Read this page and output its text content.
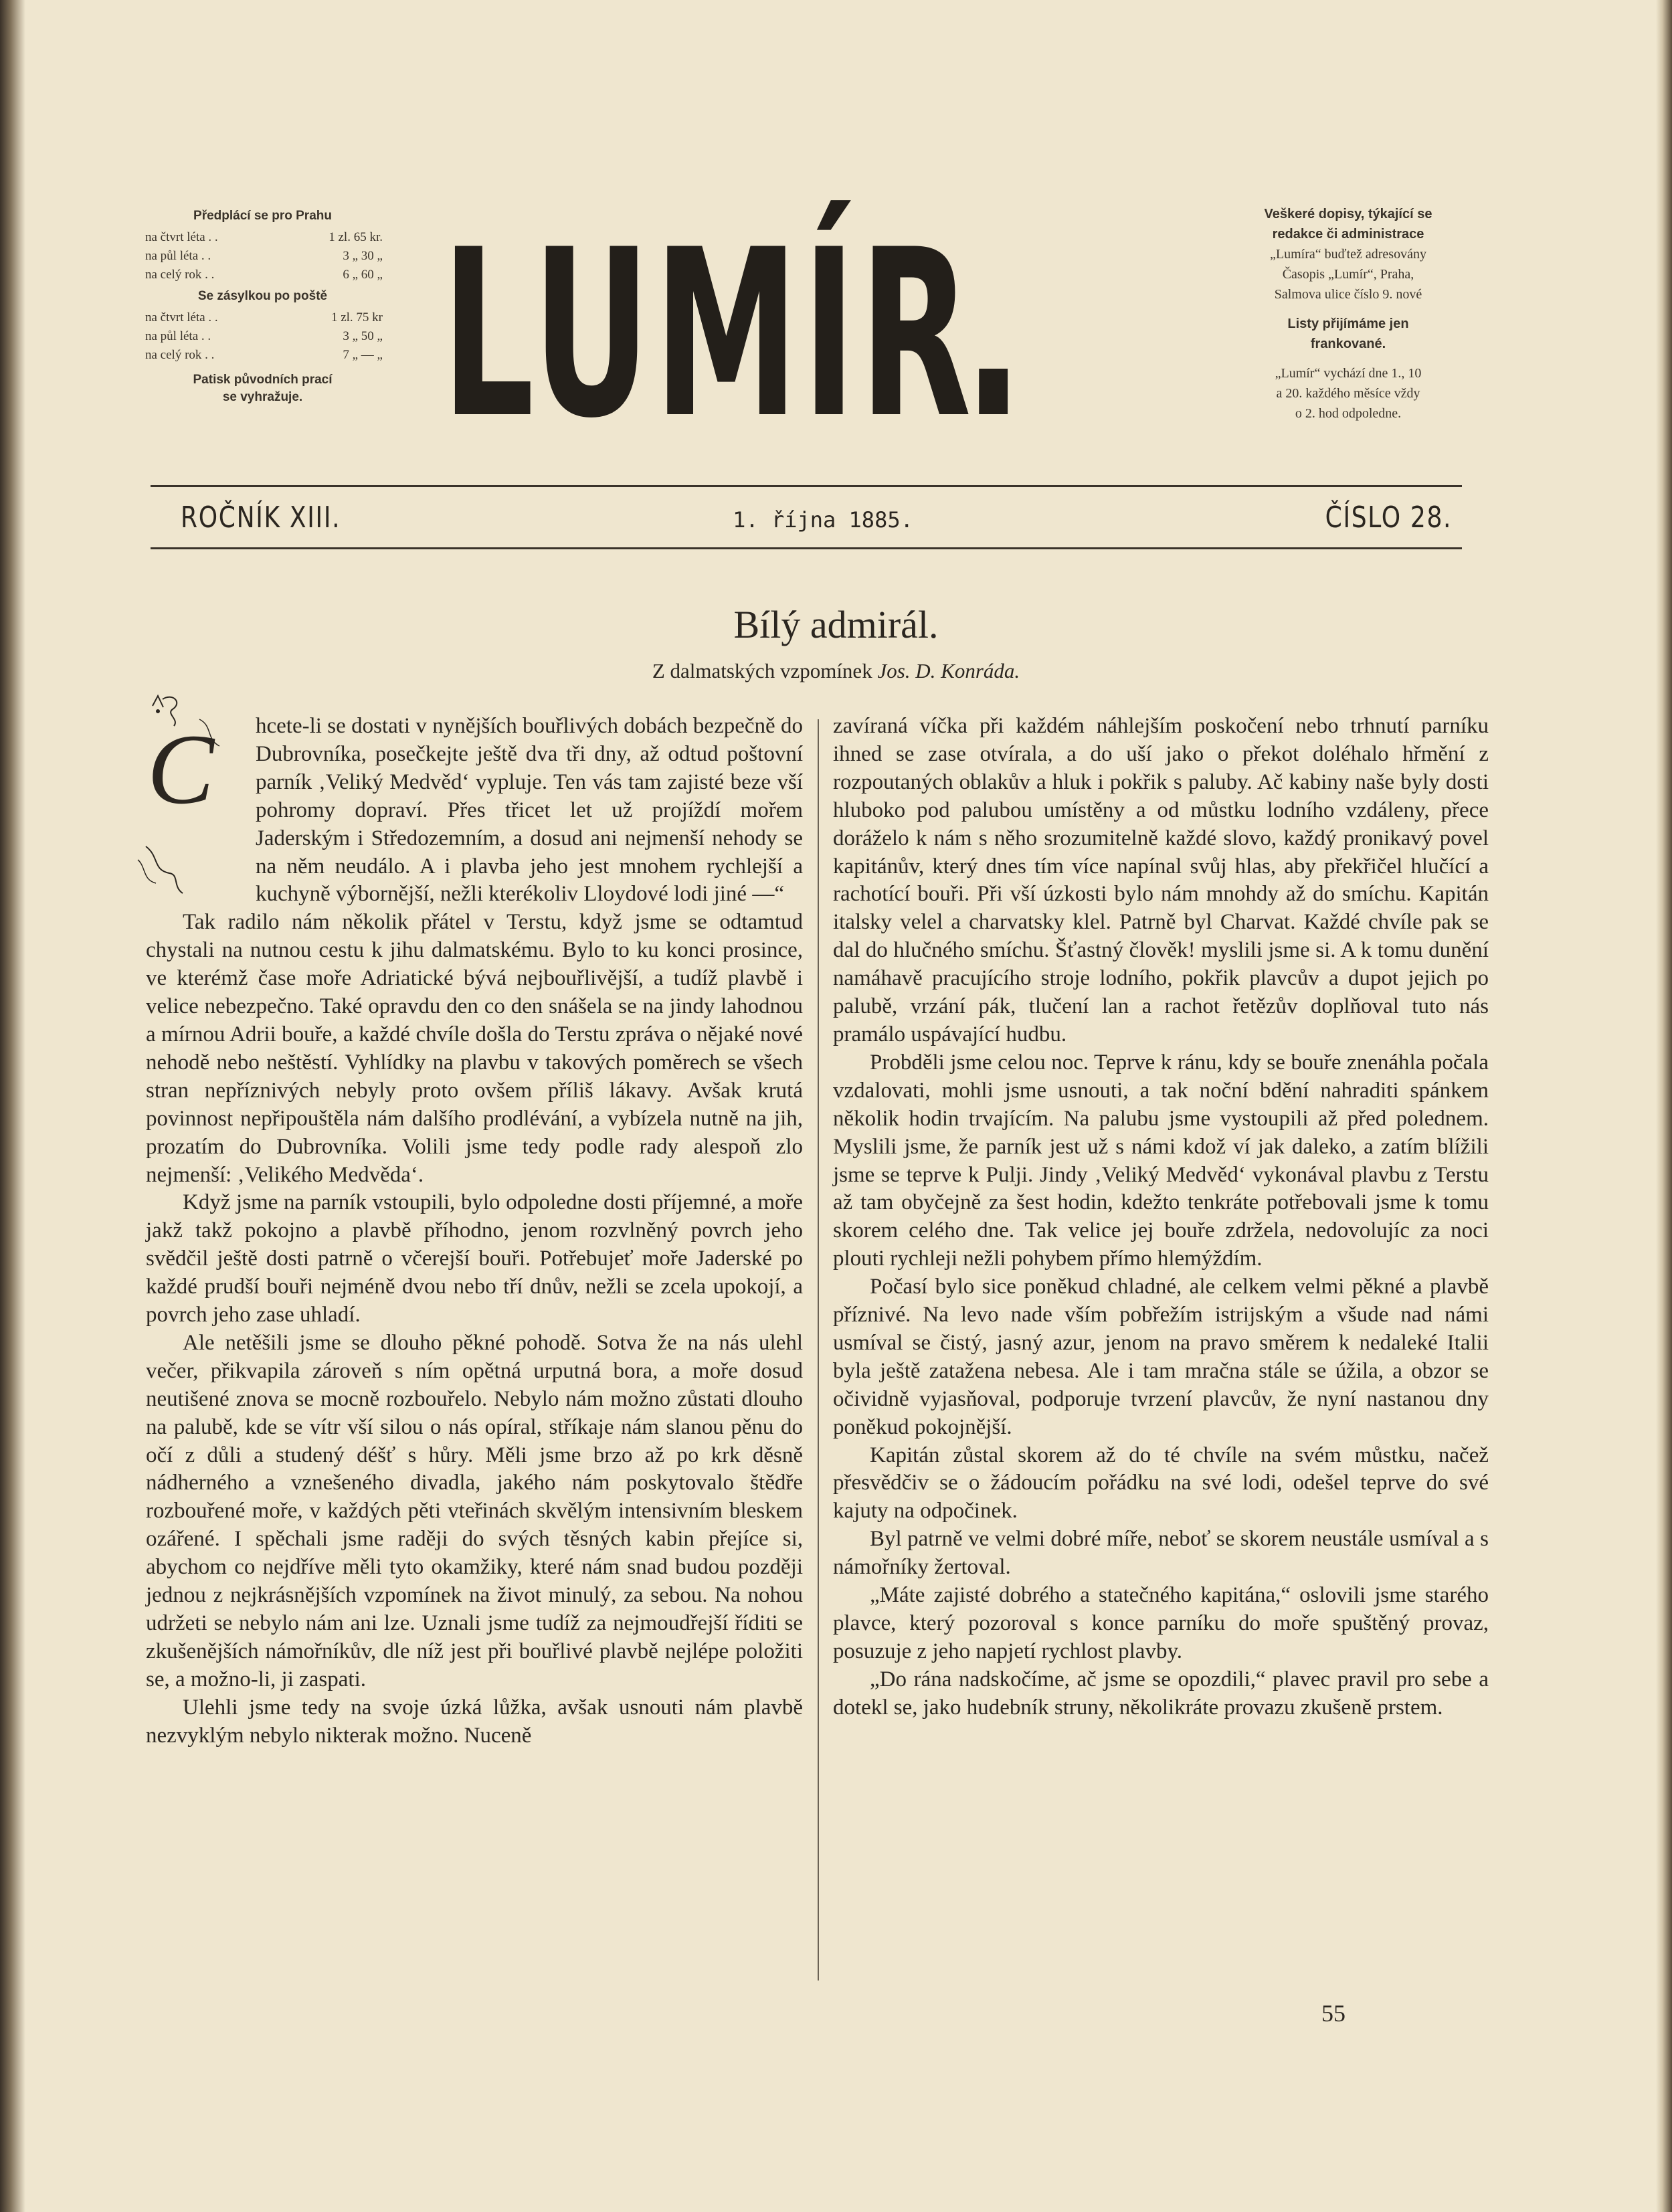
Předplácí se pro Prahu
na čtvrt léta . .	1 zl. 65 kr.
na půl léta . .	3 „ 30 „
na celý rok . .	6 „ 60 „
Se zásylkou po poště
na čtvrt léta . .	1 zl. 75 kr
na půl léta . .	3 „ 50 „
na celý rok . .	7 „ — „
Patisk původních prací
se vyhražuje. LUMÍR	Veškeré dopisy, týkající se
redakce či administrace
„Lumíra“ buďtež adresovány
Časopis „Lumír“, Praha,
Salmova ulice číslo 9. nové

Listy přijímáme jen
frankované.

„Lumír“ vychází dne 1., 10
a 20. každého měsíce vždy
o 2. hod odpoledne.

ROČNÍK XIII.	1. října 1885.	ČÍSLO 28.
Bílý admirál.
Z dalmatských vzpomínek Jos. D. Konráda.

C hcete-li se dostati v nynějších bouřlivých dobách bezpečně do Dubrovníka, posečkejte ještě dva tři dny, až odtud poštovní parník ‚Veliký Medvěd‘ vypluje. Ten vás tam zajisté beze vší pohromy dopraví. Přes třicet let už projíždí mořem Jaderským i Středozemním, a dosud ani nejmenší nehody se na něm neudálo. A i plavba jeho jest mnohem rychlejší a kuchyně výbornější, nežli kterékoliv Lloydové lodi jiné —“

Tak radilo nám několik přátel v Terstu, když jsme se odtamtud chystali na nutnou cestu k jihu dalmatskému. Bylo to ku konci prosince, ve kterémž čase moře Adriatické bývá nejbouřlivější, a tudíž plavbě i velice nebezpečno. Také opravdu den co den snášela se na jindy lahodnou a mírnou Adrii bouře, a každé chvíle došla do Terstu zpráva o nějaké nové nehodě nebo neštěstí. Vyhlídky na plavbu v takových poměrech se všech stran nepříznivých nebyly proto ovšem příliš lákavy. Avšak krutá povinnost nepřipouštěla nám dalšího prodlévání, a vybízela nutně na jih, prozatím do Dubrovníka. Volili jsme tedy podle rady alespoň zlo nejmenší: ‚Velikého Medvěda‘.

Když jsme na parník vstoupili, bylo odpoledne dosti příjemné, a moře jakž takž pokojno a plavbě příhodno, jenom rozvlněný povrch jeho svědčil ještě dosti patrně o včerejší bouři. Potřebujeť moře Jaderské po každé prudší bouři nejméně dvou nebo tří dnův, nežli se zcela upokojí, a povrch jeho zase uhladí.

Ale netěšili jsme se dlouho pěkné pohodě. Sotva že na nás ulehl večer, přikvapila zároveň s ním opětná urputná bora, a moře dosud neutišené znova se mocně rozbouřelo. Nebylo nám možno zůstati dlouho na palubě, kde se vítr vší silou o nás opíral, stříkaje nám slanou pěnu do očí z důli a studený déšť s hůry. Měli jsme brzo až po krk děsně nádherného a vznešeného divadla, jakého nám poskytovalo štědře rozbouřené moře, v každých pěti vteřinách skvělým intensivním bleskem ozářené. I spěchali jsme raději do svých těsných kabin přejíce si, abychom co nejdříve měli tyto okamžiky, které nám snad budou později jednou z nejkrásnějších vzpomínek na život minulý, za sebou. Na nohou udržeti se nebylo nám ani lze. Uznali jsme tudíž za nejmoudřejší říditi se zkušenějších námořníkův, dle níž jest při bouřlivé plavbě nejlépe položiti se, a možno-li, ji zaspati.

Ulehli jsme tedy na svoje úzká lůžka, avšak usnouti nám plavbě nezvyklým nebylo nikterak možno. Nuceně

zavíraná víčka při každém náhlejším poskočení nebo trhnutí parníku ihned se zase otvírala, a do uší jako o překot doléhalo hřmění z rozpoutaných oblakův a hluk i pokřik s paluby. Ač kabiny naše byly dosti hluboko pod palubou umístěny a od můstku lodního vzdáleny, přece doráželo k nám s něho srozumitelně každé slovo, každý pronikavý povel kapitánův, který dnes tím více napínal svůj hlas, aby překřičel hlučící a rachotící bouři. Při vší úzkosti bylo nám mnohdy až do smíchu. Kapitán italsky velel a charvatsky klel. Patrně byl Charvat. Každé chvíle pak se dal do hlučného smíchu. Šťastný člověk! myslili jsme si. A k tomu dunění namáhavě pracujícího stroje lodního, pokřik plavcův a dupot jejich po palubě, vrzání pák, tlučení lan a rachot řetězův doplňoval tuto nás pramálo uspávající hudbu.

Probděli jsme celou noc. Teprve k ránu, kdy se bouře znenáhla počala vzdalovati, mohli jsme usnouti, a tak noční bdění nahraditi spánkem několik hodin trvajícím. Na palubu jsme vystoupili až před polednem. Myslili jsme, že parník jest už s námi kdož ví jak daleko, a zatím blížili jsme se teprve k Pulji. Jindy ‚Veliký Medvěd‘ vykonával plavbu z Terstu až tam obyčejně za šest hodin, kdežto tenkráte potřebovali jsme k tomu skorem celého dne. Tak velice jej bouře zdržela, nedovolujíc za noci plouti rychleji nežli pohybem přímo hlemýždím.

Počasí bylo sice poněkud chladné, ale celkem velmi pěkné a plavbě příznivé. Na levo nade vším pobřežím istrijským a všude nad námi usmíval se čistý, jasný azur, jenom na pravo směrem k nedaleké Italii byla ještě zatažena nebesa. Ale i tam mračna stále se úžila, a obzor se očividně vyjasňoval, podporuje tvrzení plavcův, že nyní nastanou dny poněkud pokojnější.

Kapitán zůstal skorem až do té chvíle na svém můstku, načež přesvědčiv se o žádoucím pořádku na své lodi, odešel teprve do své kajuty na odpočinek.

Byl patrně ve velmi dobré míře, neboť se skorem neustále usmíval a s námořníky žertoval.

„Máte zajisté dobrého a statečného kapitána,“ oslovili jsme starého plavce, který pozoroval s konce parníku do moře spuštěný provaz, posuzuje z jeho napjetí rychlost plavby.

„Do rána nadskočíme, ač jsme se opozdili,“ plavec pravil pro sebe a dotekl se, jako hudebník struny, několikráte provazu zkušeně prstem.

55
